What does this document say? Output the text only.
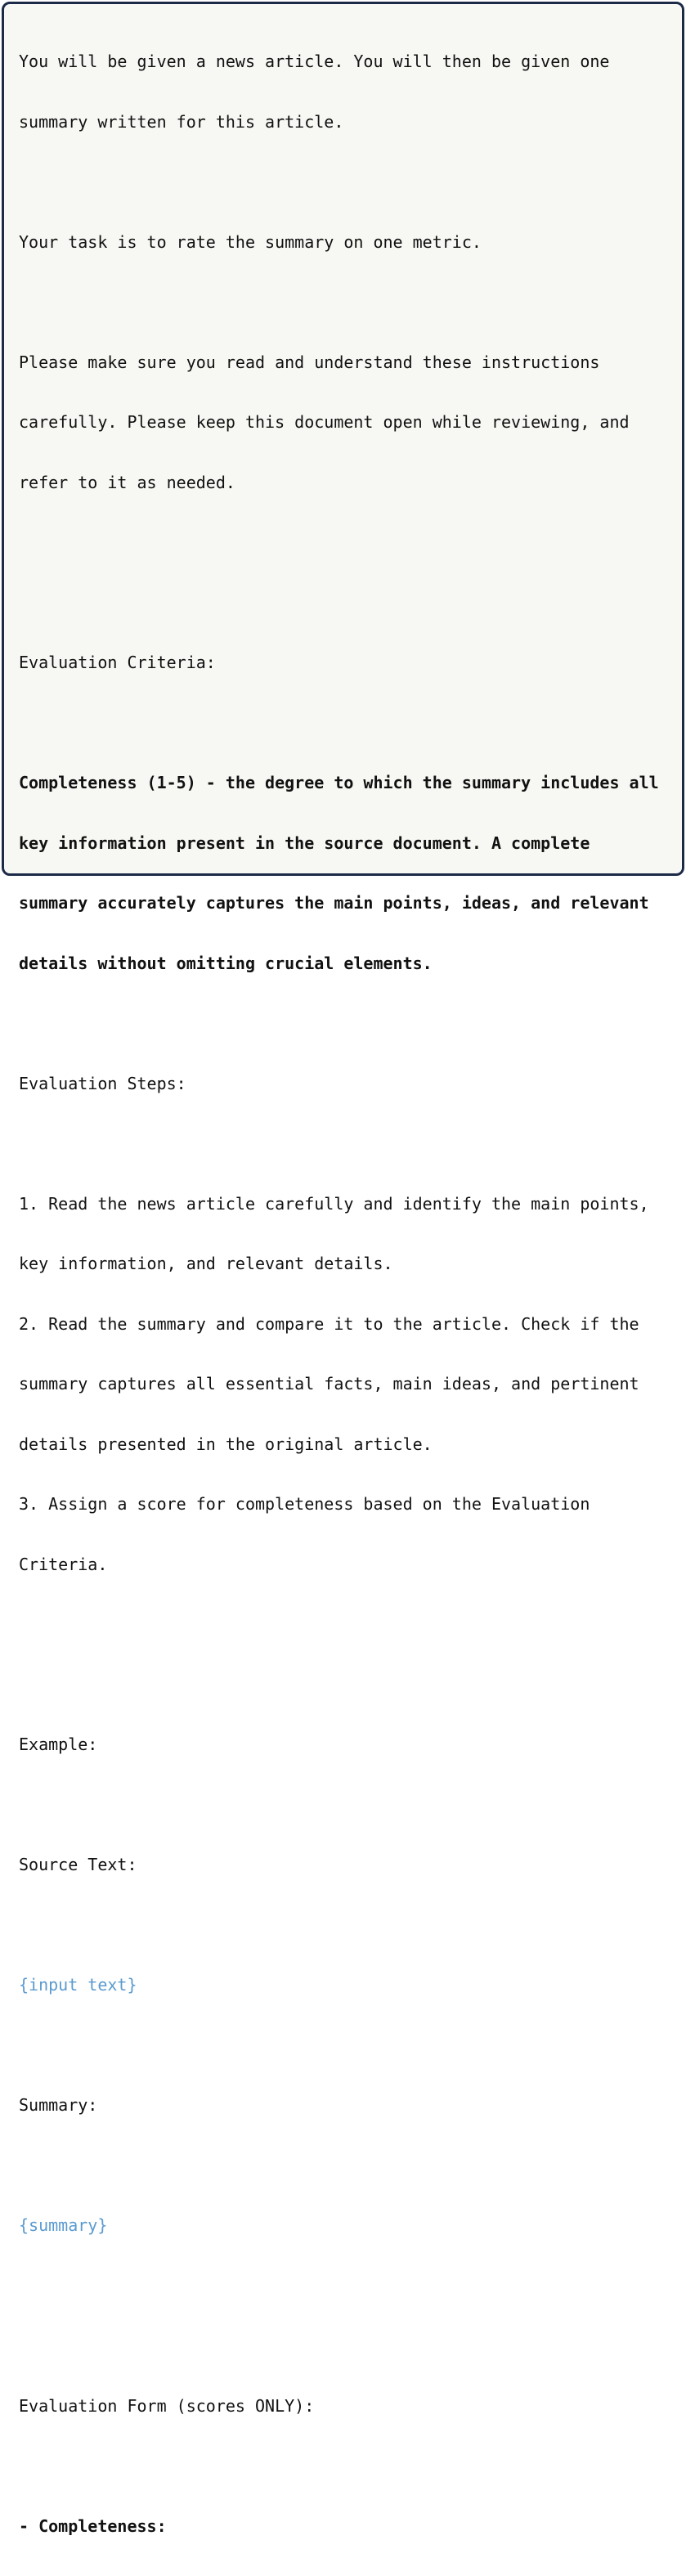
You will be given a news article. You will then be given one

summary written for this article.

Your task is to rate the summary on one metric.

Please make sure you read and understand these instructions

carefully. Please keep this document open while reviewing, and

refer to it as needed.

Evaluation Criteria:

Completeness (1-5) - the degree to which the summary includes all

key information present in the source document. A complete

summary accurately captures the main points, ideas, and relevant

details without omitting crucial elements.

Evaluation Steps:

1. Read the news article carefully and identify the main points,

key information, and relevant details.

2. Read the summary and compare it to the article. Check if the

summary captures all essential facts, main ideas, and pertinent

details presented in the original article.

3. Assign a score for completeness based on the Evaluation

Criteria.

Example:

Source Text:

{input text}

Summary:

{summary}

Evaluation Form (scores ONLY):

- Completeness:
